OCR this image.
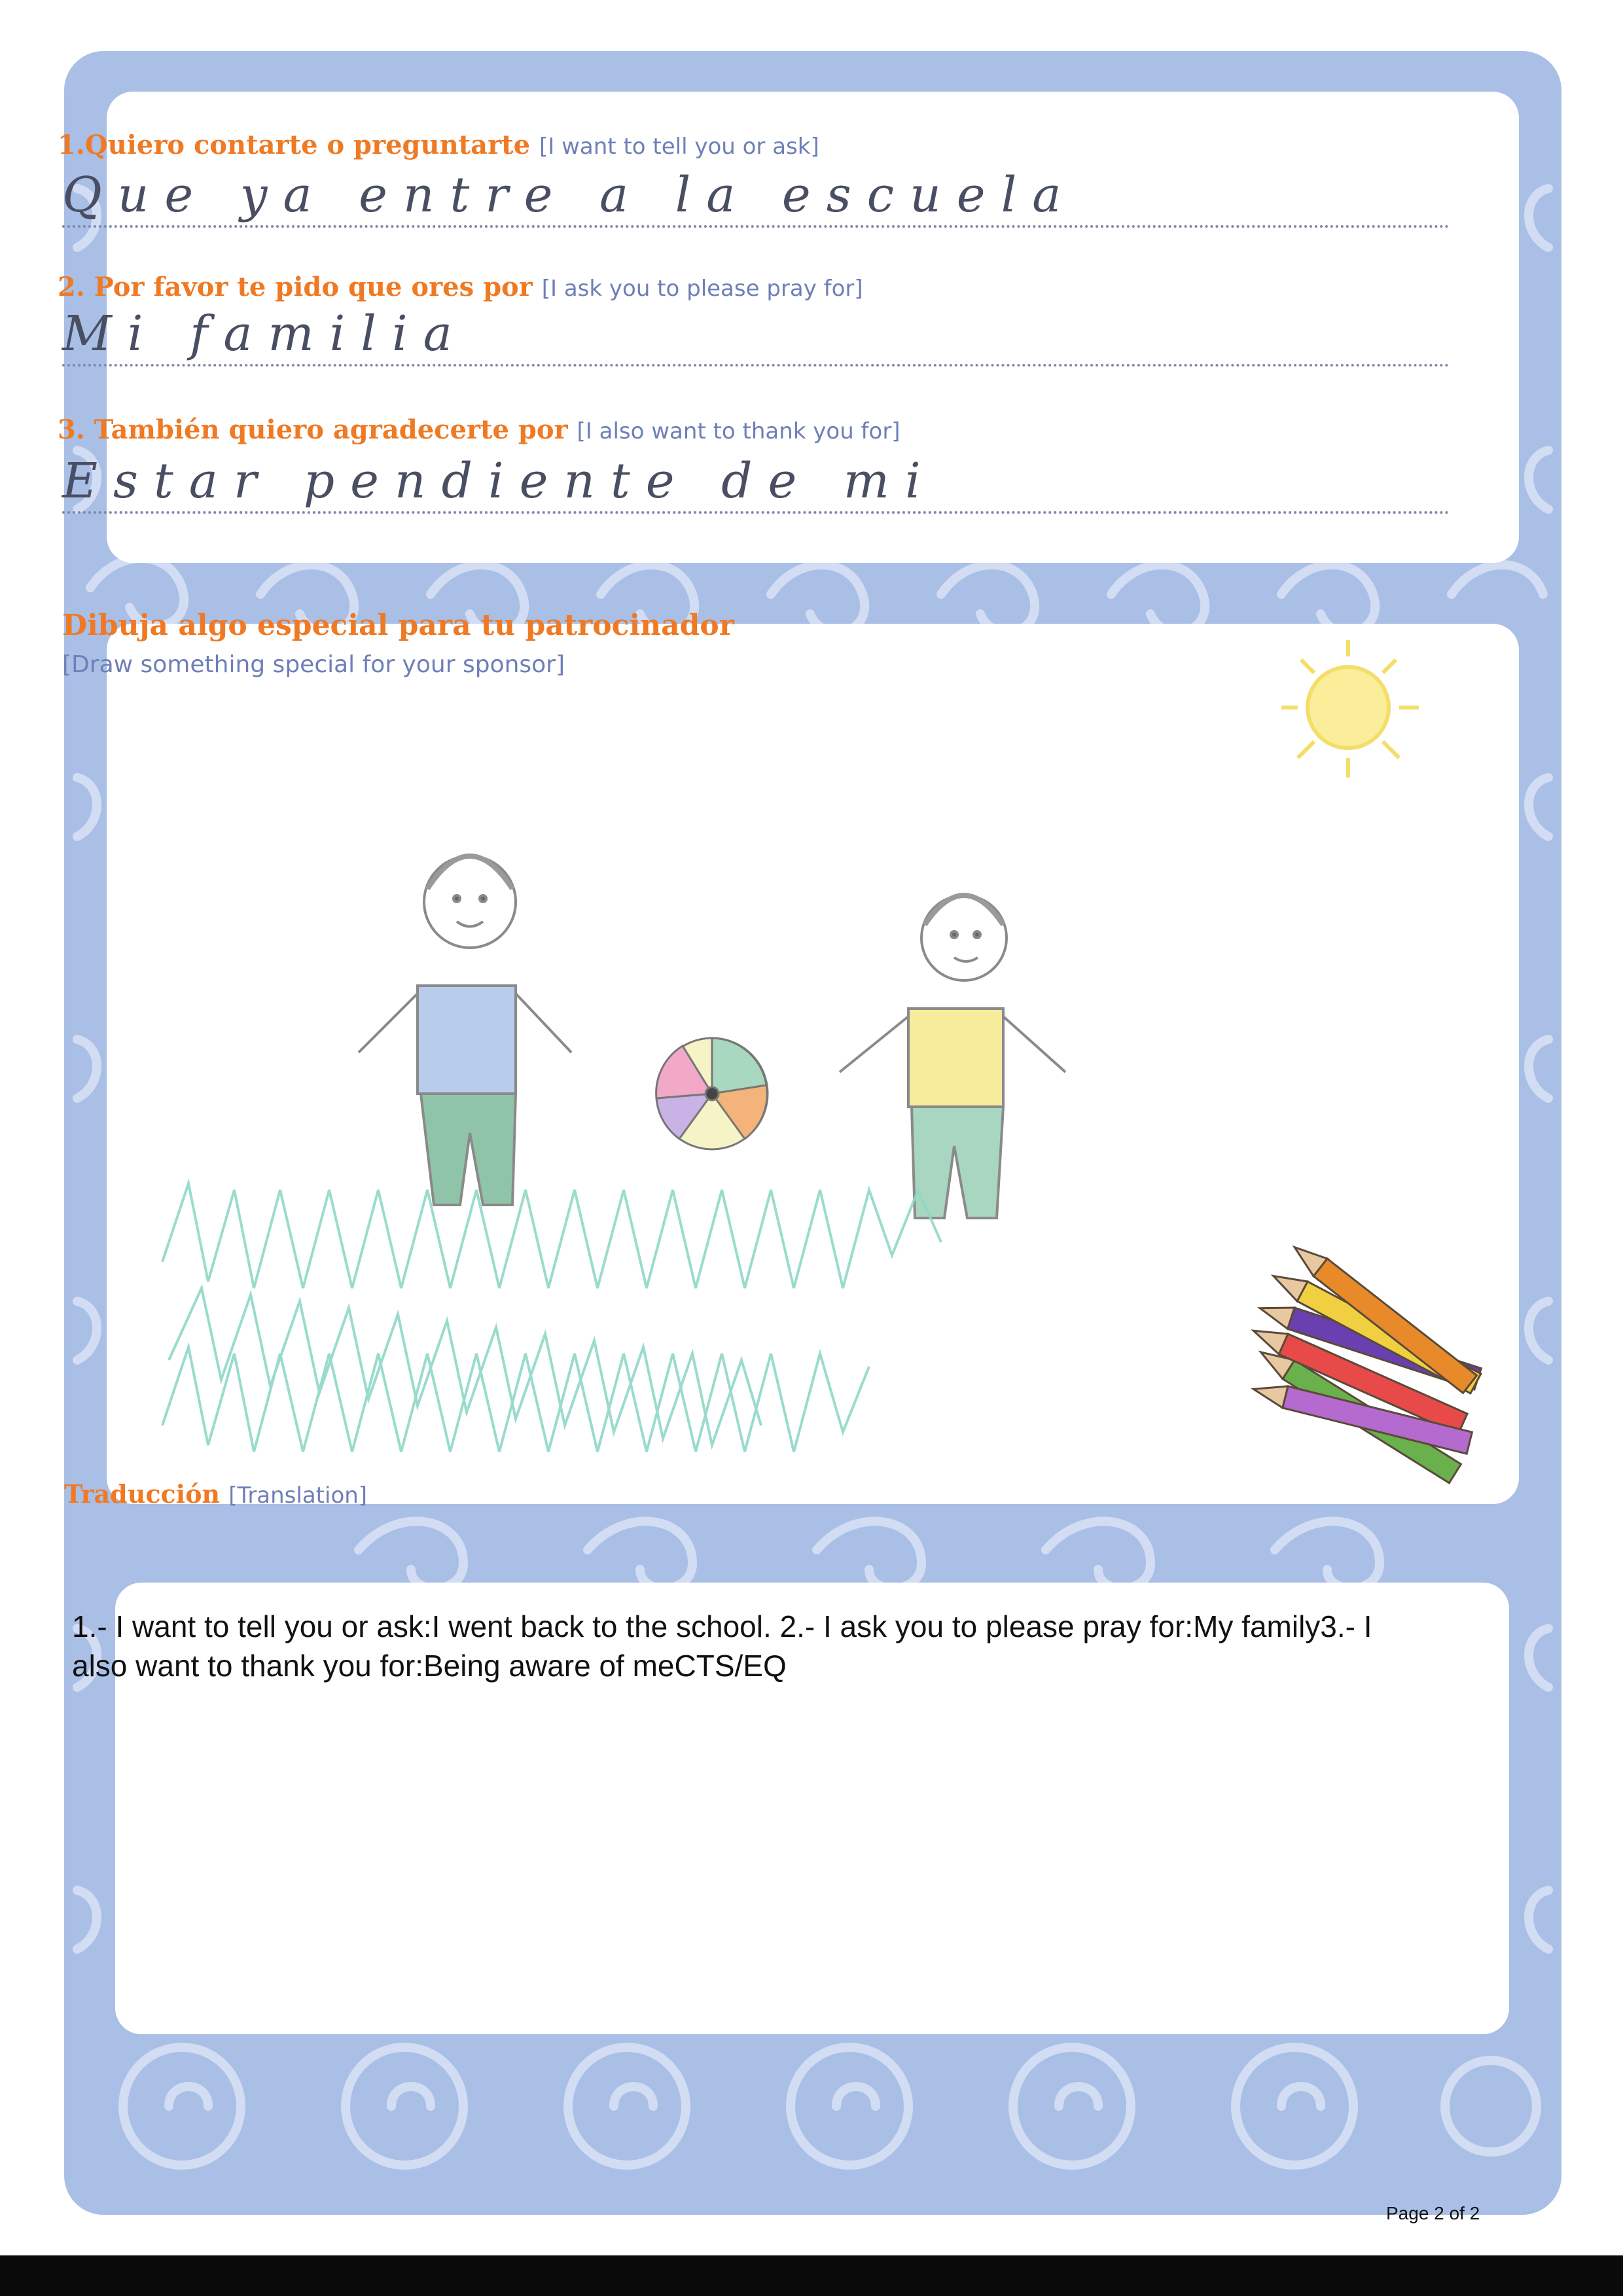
1.Quiero contarte o preguntarte [I want to tell you or ask]
Que ya entre a la escuela
2. Por favor te pido que ores por [I ask you to please pray for]
Mi familia
3. También quiero agradecerte por [I also want to thank you for]
Estar pendiente de mi
Dibuja algo especial para tu patrocinador
[Draw something special for your sponsor]
Traducción [Translation]
1.- I want to tell you or ask:I went back to the school. 2.- I ask you to please pray for:My family3.- I also want to thank you for:Being aware of meCTS/EQ
Page 2 of 2
